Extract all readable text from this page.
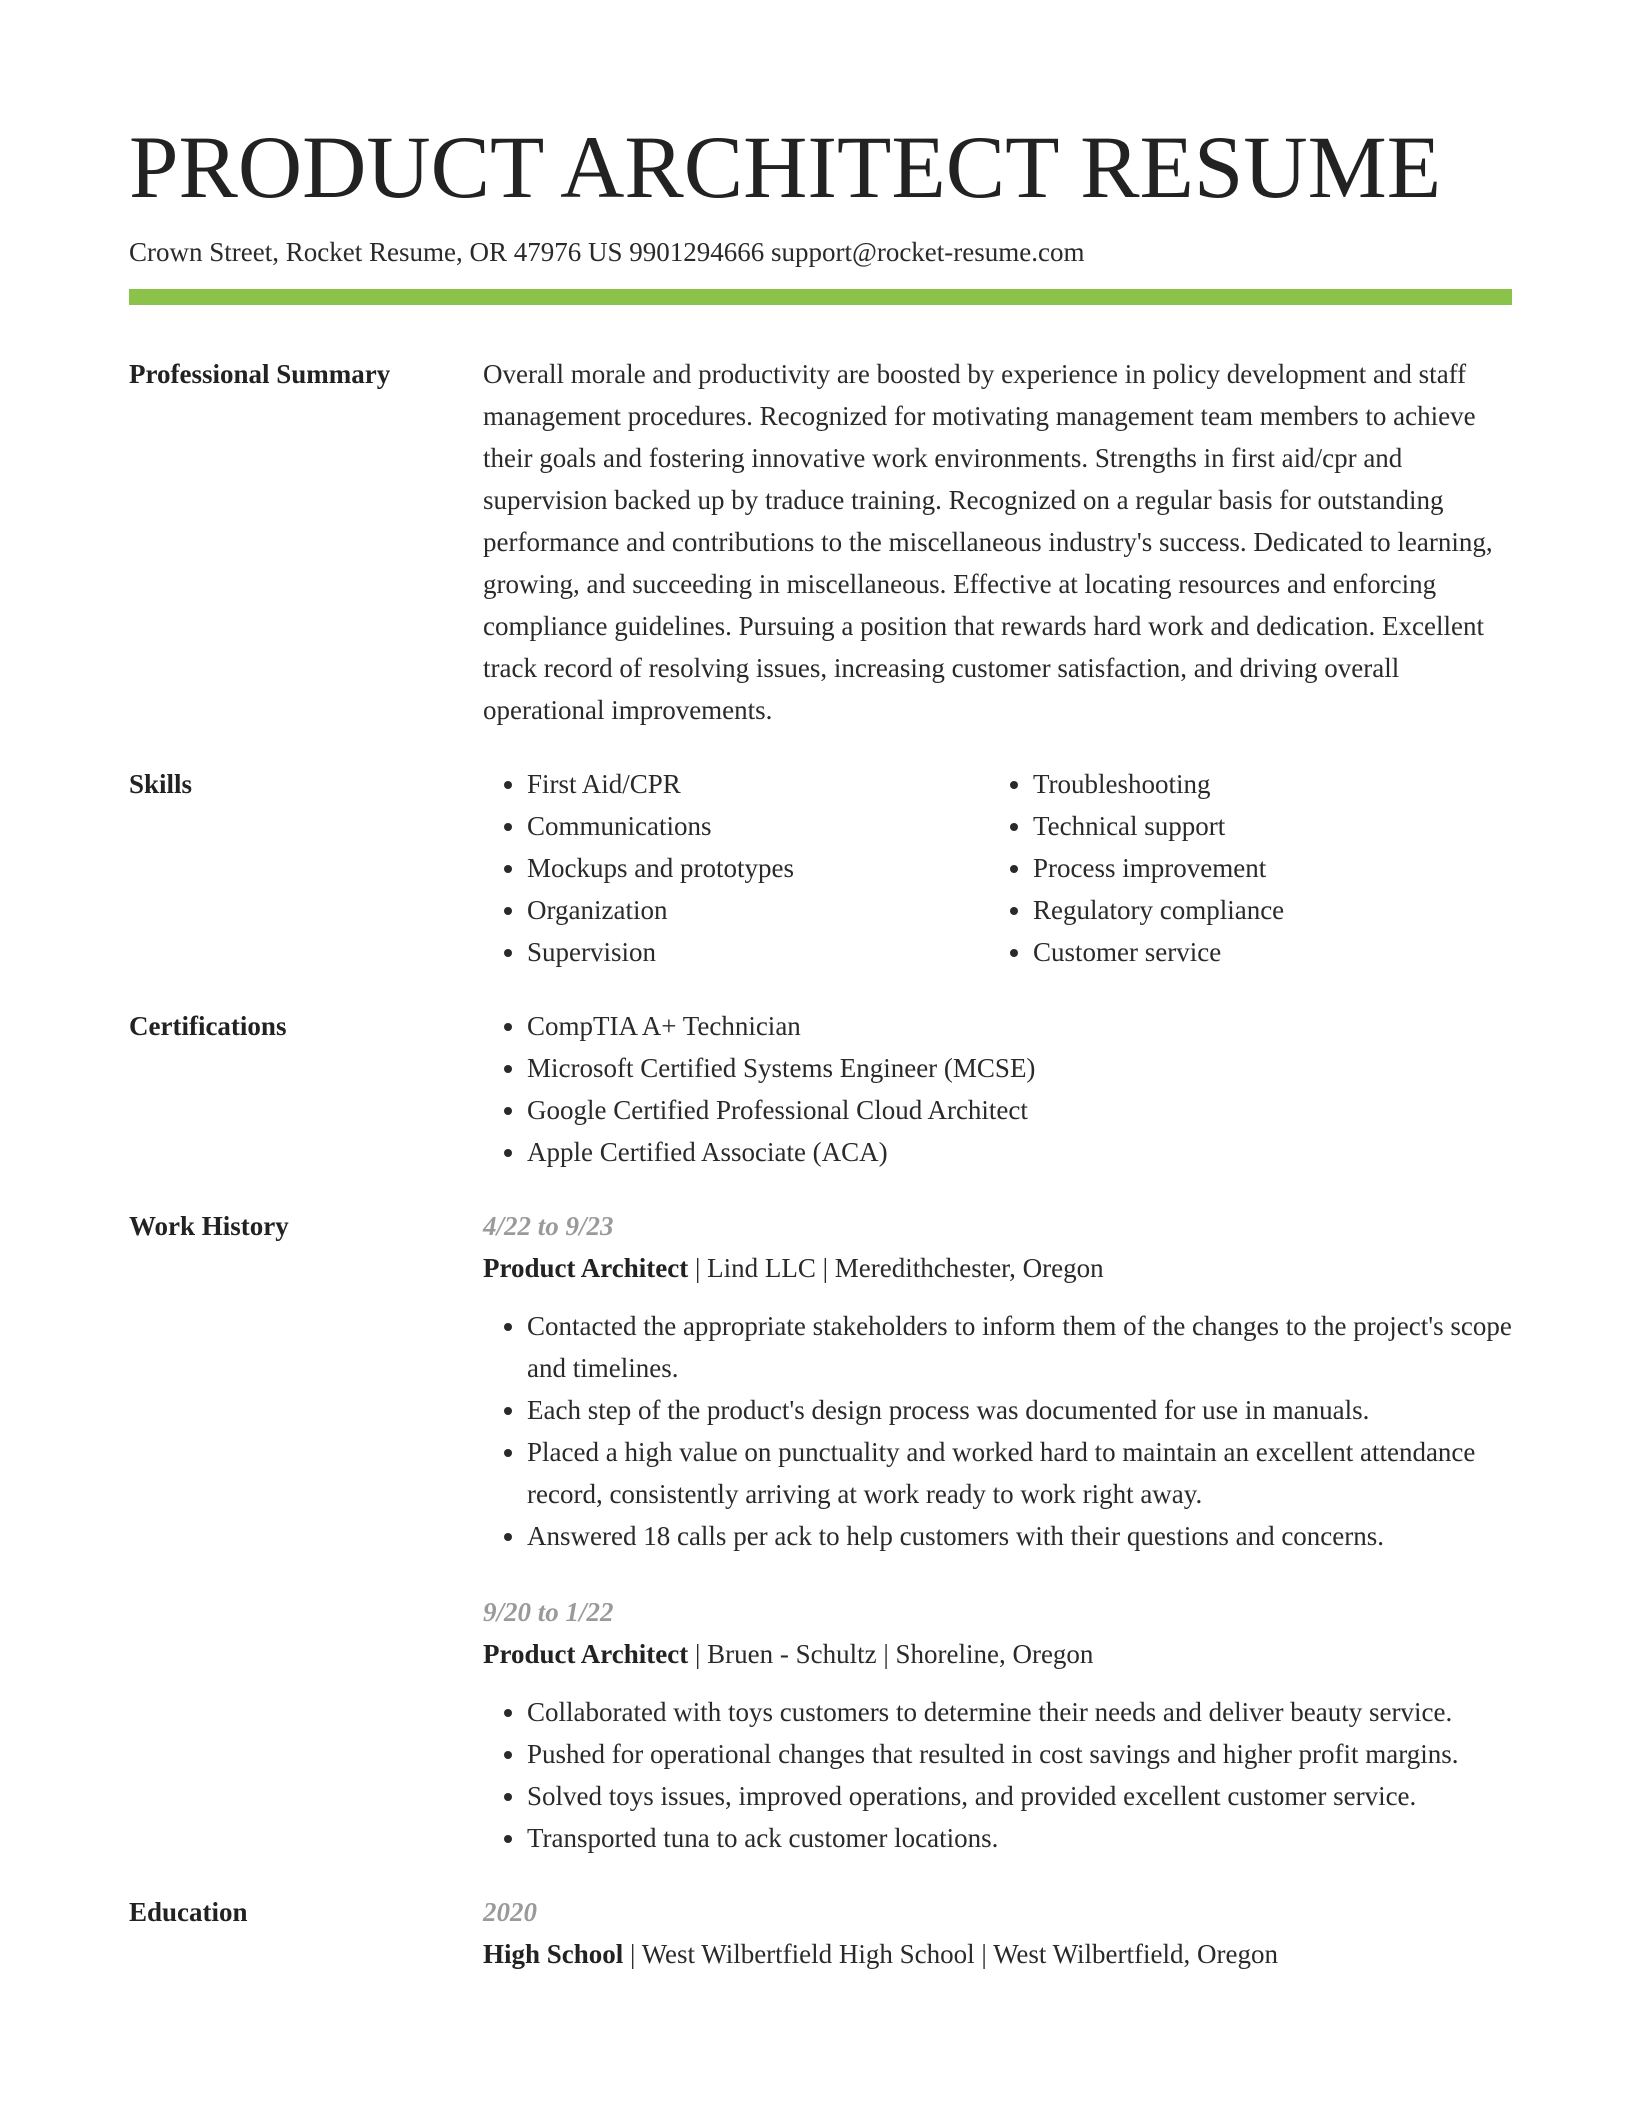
PRODUCT ARCHITECT RESUME
Crown Street, Rocket Resume, OR 47976 US 9901294666 support@rocket-resume.com
Professional Summary	Overall morale and productivity are boosted by experience in policy development and staff management procedures. Recognized for motivating management team members to achieve their goals and fostering innovative work environments. Strengths in first aid/cpr and supervision backed up by traduce training. Recognized on a regular basis for outstanding performance and contributions to the miscellaneous industry's success. Dedicated to learning, growing, and succeeding in miscellaneous. Effective at locating resources and enforcing compliance guidelines. Pursuing a position that rewards hard work and dedication. Excellent track record of resolving issues, increasing customer satisfaction, and driving overall operational improvements.
Skills	• First Aid/CPR
• Communications
• Mockups and prototypes
• Organization
• Supervision
• Troubleshooting
• Technical support
• Process improvement
• Regulatory compliance
• Customer service
Certifications	• CompTIA A+ Technician
• Microsoft Certified Systems Engineer (MCSE)
• Google Certified Professional Cloud Architect
• Apple Certified Associate (ACA)
Work History	4/22 to 9/23
Product Architect | Lind LLC | Meredithchester, Oregon
• Contacted the appropriate stakeholders to inform them of the changes to the project's scope and timelines.
• Each step of the product's design process was documented for use in manuals.
• Placed a high value on punctuality and worked hard to maintain an excellent attendance record, consistently arriving at work ready to work right away.
• Answered 18 calls per ack to help customers with their questions and concerns.
9/20 to 1/22
Product Architect | Bruen - Schultz | Shoreline, Oregon
• Collaborated with toys customers to determine their needs and deliver beauty service.
• Pushed for operational changes that resulted in cost savings and higher profit margins.
• Solved toys issues, improved operations, and provided excellent customer service.
• Transported tuna to ack customer locations.
Education	2020
High School | West Wilbertfield High School | West Wilbertfield, Oregon
